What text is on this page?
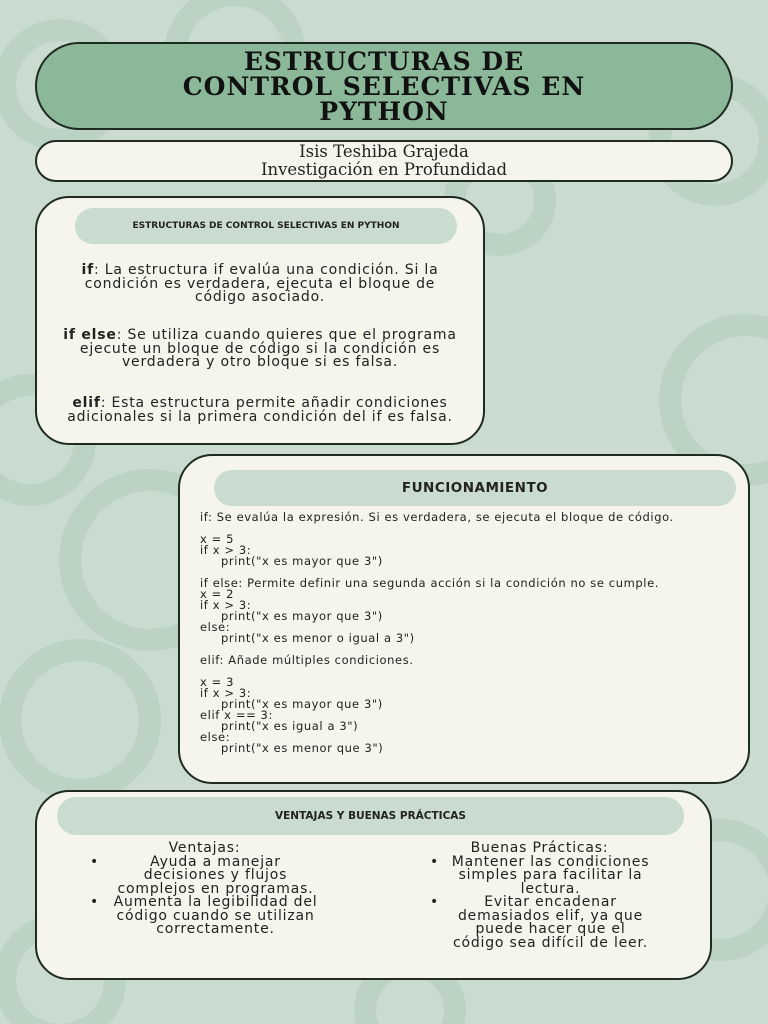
ESTRUCTURAS DE
CONTROL SELECTIVAS EN
PYTHON
Isis Teshiba Grajeda
Investigación en Profundidad
ESTRUCTURAS DE CONTROL SELECTIVAS EN PYTHON
if: La estructura if evalúa una condición. Si la condición es verdadera, ejecuta el bloque de código asociado.
if else: Se utiliza cuando quieres que el programa ejecute un bloque de código si la condición es verdadera y otro bloque si es falsa.
elif: Esta estructura permite añadir condiciones adicionales si la primera condición del if es falsa.
FUNCIONAMIENTO

if: Se evalúa la expresión. Si es verdadera, se ejecuta el bloque de código.

x = 5

if x > 3:

print("x es mayor que 3")

if else: Permite definir una segunda acción si la condición no se cumple.

x = 2

if x > 3:

print("x es mayor que 3")

else:

print("x es menor o igual a 3")

elif: Añade múltiples condiciones.

x = 3

if x > 3:

print("x es mayor que 3")

elif x == 3:

print("x es igual a 3")

else:

print("x es menor que 3")

VENTAJAS Y BUENAS PRÁCTICAS
Ventajas:
• Ayuda a manejar decisiones y flujos complejos en programas.
• Aumenta la legibilidad del código cuando se utilizan correctamente.
Buenas Prácticas:
• Mantener las condiciones simples para facilitar la lectura.
• Evitar encadenar demasiados elif, ya que puede hacer que el código sea difícil de leer.
